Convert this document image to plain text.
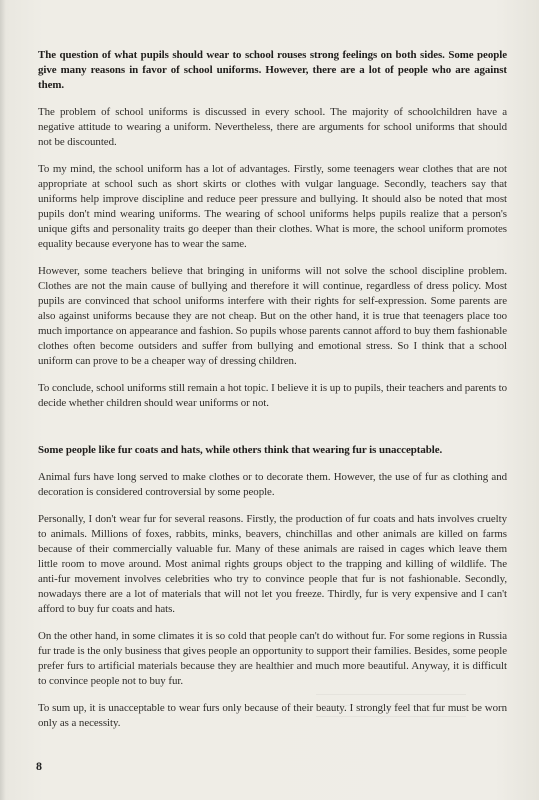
The question of what pupils should wear to school rouses strong feelings on both sides. Some people give many reasons in favor of school uniforms. However, there are a lot of people who are against them.

The problem of school uniforms is discussed in every school. The majority of schoolchildren have a negative attitude to wearing a uniform. Nevertheless, there are arguments for school uniforms that should not be discounted.

To my mind, the school uniform has a lot of advantages. Firstly, some teenagers wear clothes that are not appropriate at school such as short skirts or clothes with vulgar language. Secondly, teachers say that uniforms help improve discipline and reduce peer pressure and bullying. It should also be noted that most pupils don't mind wearing uniforms. The wearing of school uniforms helps pupils realize that a person's unique gifts and personality traits go deeper than their clothes. What is more, the school uniform promotes equality because everyone has to wear the same.

However, some teachers believe that bringing in uniforms will not solve the school discipline problem. Clothes are not the main cause of bullying and therefore it will continue, regardless of dress policy. Most pupils are convinced that school uniforms interfere with their rights for self-expression. Some parents are also against uniforms because they are not cheap. But on the other hand, it is true that teenagers place too much importance on appearance and fashion. So pupils whose parents cannot afford to buy them fashionable clothes often become outsiders and suffer from bullying and emotional stress. So I think that a school uniform can prove to be a cheaper way of dressing children.

To conclude, school uniforms still remain a hot topic. I believe it is up to pupils, their teachers and parents to decide whether children should wear uniforms or not.

Some people like fur coats and hats, while others think that wearing fur is unacceptable.

Animal furs have long served to make clothes or to decorate them. However, the use of fur as clothing and decoration is considered controversial by some people.

Personally, I don't wear fur for several reasons. Firstly, the production of fur coats and hats involves cruelty to animals. Millions of foxes, rabbits, minks, beavers, chinchillas and other animals are killed on farms because of their commercially valuable fur. Many of these animals are raised in cages which leave them little room to move around. Most animal rights groups object to the trapping and killing of wildlife. The anti-fur movement involves celebrities who try to convince people that fur is not fashionable. Secondly, nowadays there are a lot of materials that will not let you freeze. Thirdly, fur is very expensive and I can't afford to buy fur coats and hats.

On the other hand, in some climates it is so cold that people can't do without fur. For some regions in Russia fur trade is the only business that gives people an opportunity to support their families. Besides, some people prefer furs to artificial materials because they are healthier and much more beautiful. Anyway, it is difficult to convince people not to buy fur.

To sum up, it is unacceptable to wear furs only because of their beauty. I strongly feel that fur must be worn only as a necessity.

8
